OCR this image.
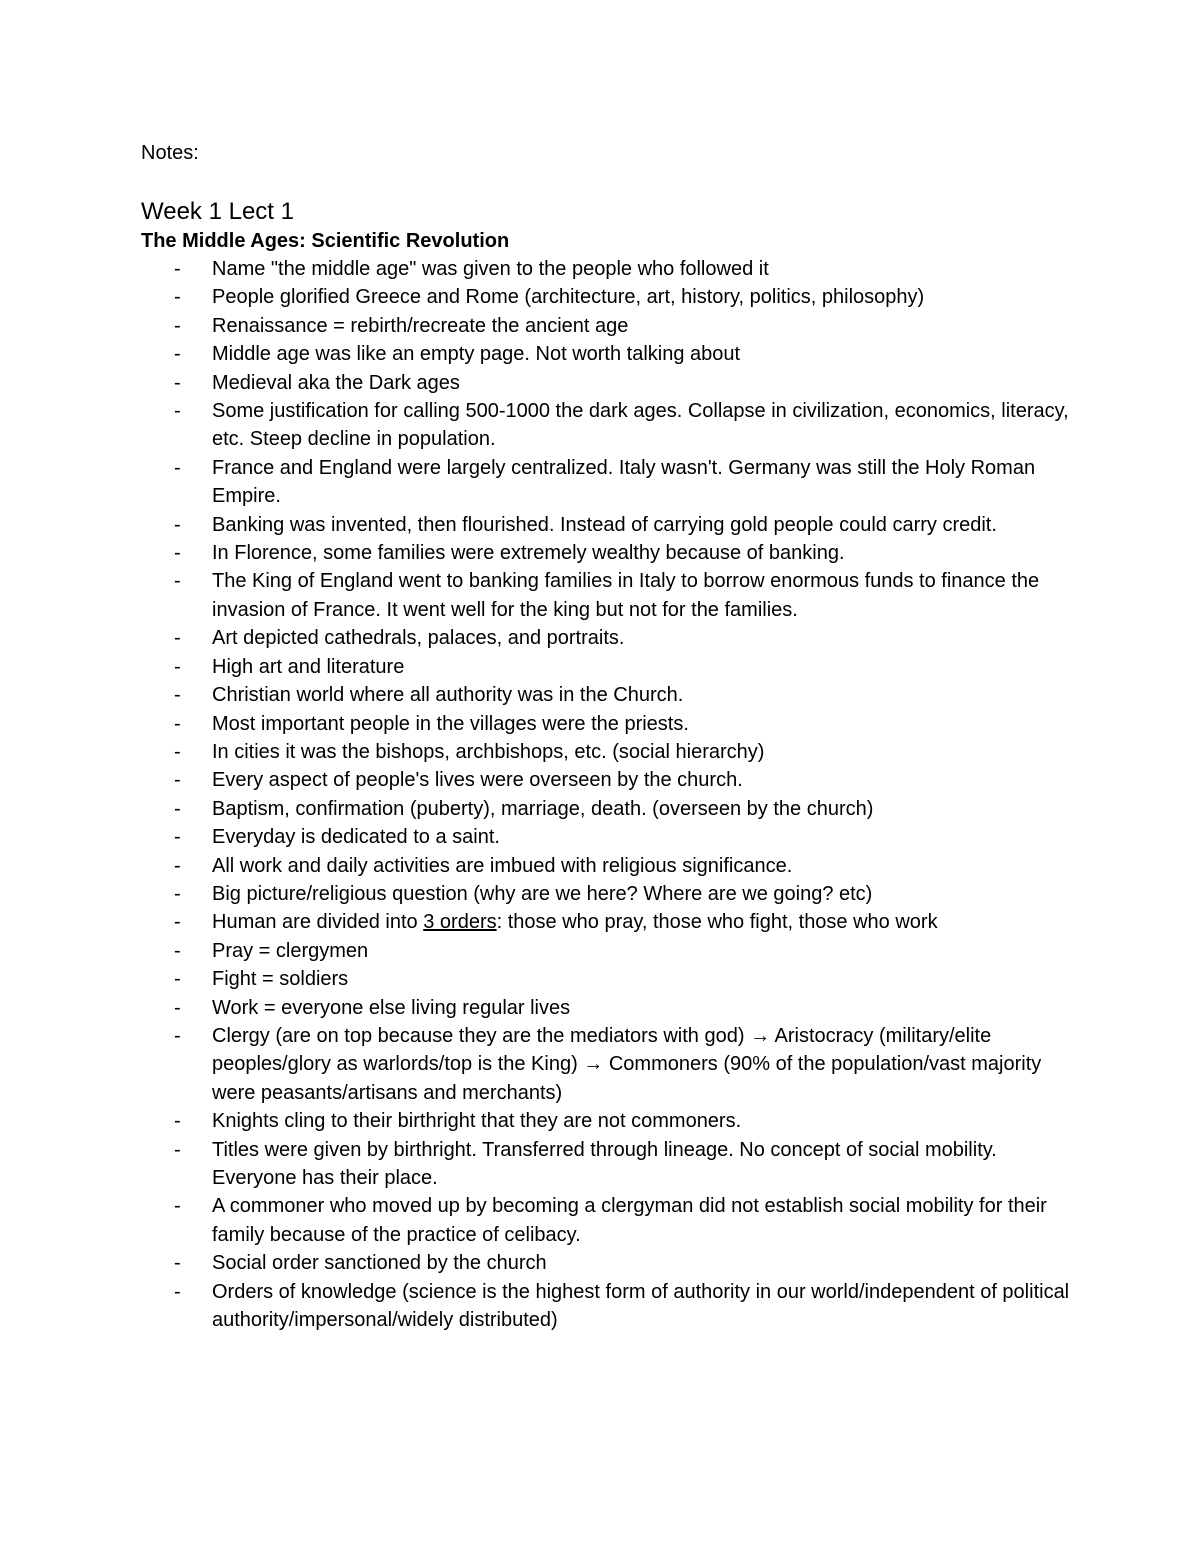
Notes:

Week 1 Lect 1

The Middle Ages: Scientific Revolution

- Name "the middle age" was given to the people who followed it
- People glorified Greece and Rome (architecture, art, history, politics, philosophy)
- Renaissance = rebirth/recreate the ancient age
- Middle age was like an empty page. Not worth talking about
- Medieval aka the Dark ages
- Some justification for calling 500-1000 the dark ages. Collapse in civilization, economics, literacy, etc. Steep decline in population.
- France and England were largely centralized. Italy wasn't. Germany was still the Holy Roman Empire.
- Banking was invented, then flourished. Instead of carrying gold people could carry credit.
- In Florence, some families were extremely wealthy because of banking.
- The King of England went to banking families in Italy to borrow enormous funds to finance the invasion of France. It went well for the king but not for the families.
- Art depicted cathedrals, palaces, and portraits.
- High art and literature
- Christian world where all authority was in the Church.
- Most important people in the villages were the priests.
- In cities it was the bishops, archbishops, etc. (social hierarchy)
- Every aspect of people's lives were overseen by the church.
- Baptism, confirmation (puberty), marriage, death. (overseen by the church)
- Everyday is dedicated to a saint.
- All work and daily activities are imbued with religious significance.
- Big picture/religious question (why are we here? Where are we going? etc)
- Human are divided into 3 orders: those who pray, those who fight, those who work
- Pray = clergymen
- Fight = soldiers
- Work = everyone else living regular lives
- Clergy (are on top because they are the mediators with god) → Aristocracy (military/elite peoples/glory as warlords/top is the King) → Commoners (90% of the population/vast majority were peasants/artisans and merchants)
- Knights cling to their birthright that they are not commoners.
- Titles were given by birthright. Transferred through lineage. No concept of social mobility. Everyone has their place.
- A commoner who moved up by becoming a clergyman did not establish social mobility for their family because of the practice of celibacy.
- Social order sanctioned by the church
- Orders of knowledge (science is the highest form of authority in our world/independent of political authority/impersonal/widely distributed)
